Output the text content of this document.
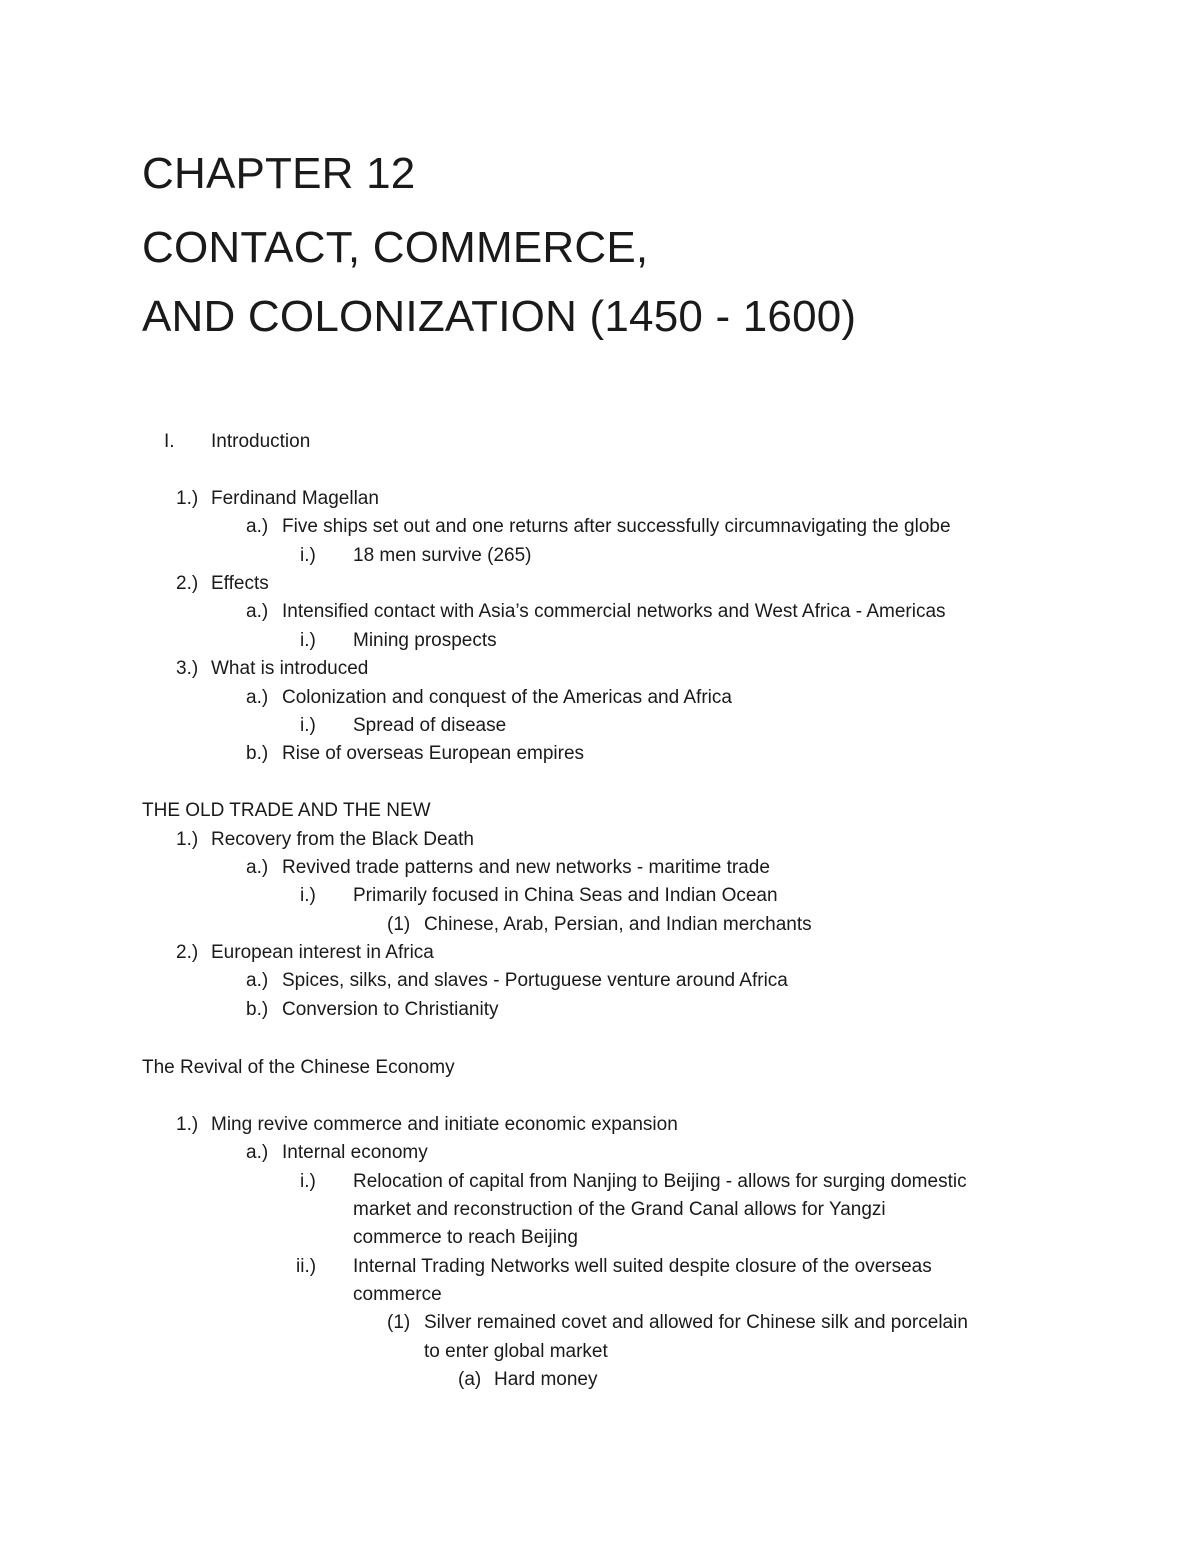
CHAPTER 12
CONTACT, COMMERCE,
AND COLONIZATION (1450 - 1600)
I. Introduction
1.) Ferdinand Magellan
a.) Five ships set out and one returns after successfully circumnavigating the globe
i.) 18 men survive (265)
2.) Effects
a.) Intensified contact with Asia’s commercial networks and West Africa - Americas
i.) Mining prospects
3.) What is introduced
a.) Colonization and conquest of the Americas and Africa
i.) Spread of disease
b.) Rise of overseas European empires
THE OLD TRADE AND THE NEW
1.) Recovery from the Black Death
a.) Revived trade patterns and new networks - maritime trade
i.) Primarily focused in China Seas and Indian Ocean
(1) Chinese, Arab, Persian, and Indian merchants
2.) European interest in Africa
a.) Spices, silks, and slaves - Portuguese venture around Africa
b.) Conversion to Christianity
The Revival of the Chinese Economy
1.) Ming revive commerce and initiate economic expansion
a.) Internal economy
i.) Relocation of capital from Nanjing to Beijing - allows for surging domestic
market and reconstruction of the Grand Canal allows for Yangzi
commerce to reach Beijing
ii.) Internal Trading Networks well suited despite closure of the overseas
commerce
(1) Silver remained covet and allowed for Chinese silk and porcelain
to enter global market
(a) Hard money
